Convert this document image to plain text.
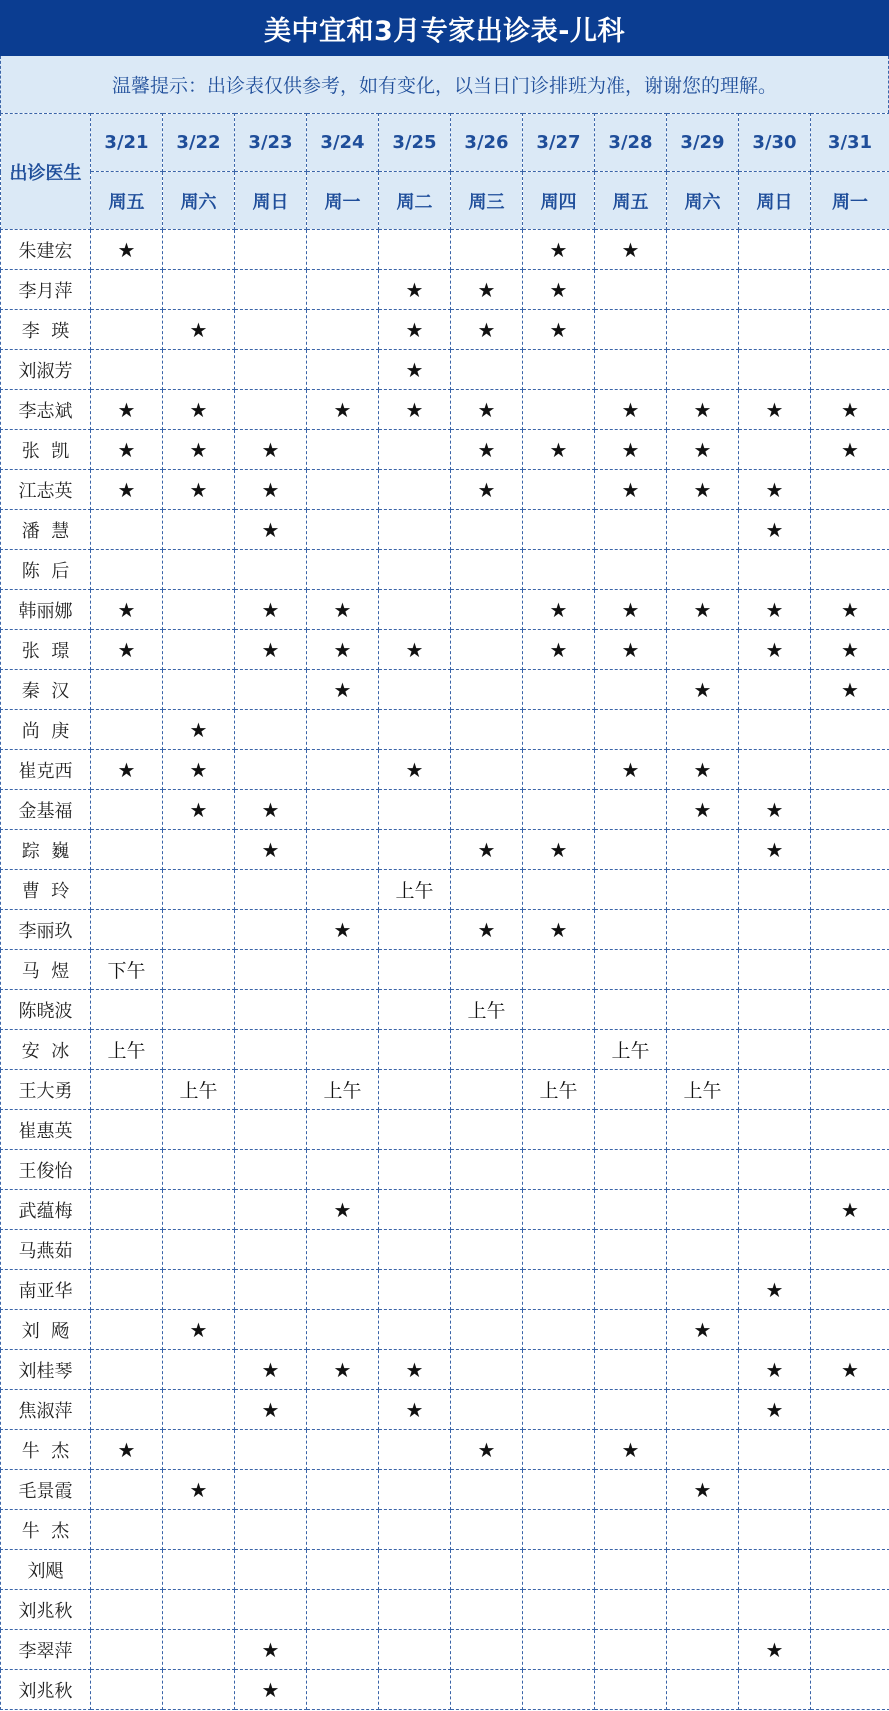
美中宜和3月专家出诊表-儿科
温馨提示：出诊表仅供参考，如有变化，以当日门诊排班为准，谢谢您的理解。
出诊医生	3/21	3/22	3/23	3/24	3/25	3/26	3/27	3/28	3/29	3/30	3/31
	周五	周六	周日	周一	周二	周三	周四	周五	周六	周日	周一
朱建宏	★						★	★			
李月萍					★	★	★				
李  瑛		★			★	★	★				
刘淑芳					★						
李志斌	★	★		★	★	★		★	★	★	★
张  凯	★	★	★			★	★	★	★		★
江志英	★	★	★			★		★	★	★	
潘  慧			★							★	
陈  后											
韩丽娜	★		★	★			★	★	★	★	★
张  璟	★		★	★	★		★	★		★	★
秦  汉				★					★		★
尚  庚		★									
崔克西	★	★			★			★	★		
金基福		★	★						★	★	
踪  巍			★			★	★			★	
曹  玲					上午						
李丽玖				★		★	★				
马  煜	下午										
陈晓波						上午					
安  冰	上午							上午			
王大勇		上午		上午			上午		上午		
崔惠英											
王俊怡											
武蕴梅				★							★
马燕茹											
南亚华										★	
刘  飏		★							★		
刘桂琴			★	★	★					★	★
焦淑萍			★		★					★	
牛  杰	★					★		★			
毛景霞		★							★		
牛  杰											
刘飓											
刘兆秋											
李翠萍			★							★	
刘兆秋			★								
